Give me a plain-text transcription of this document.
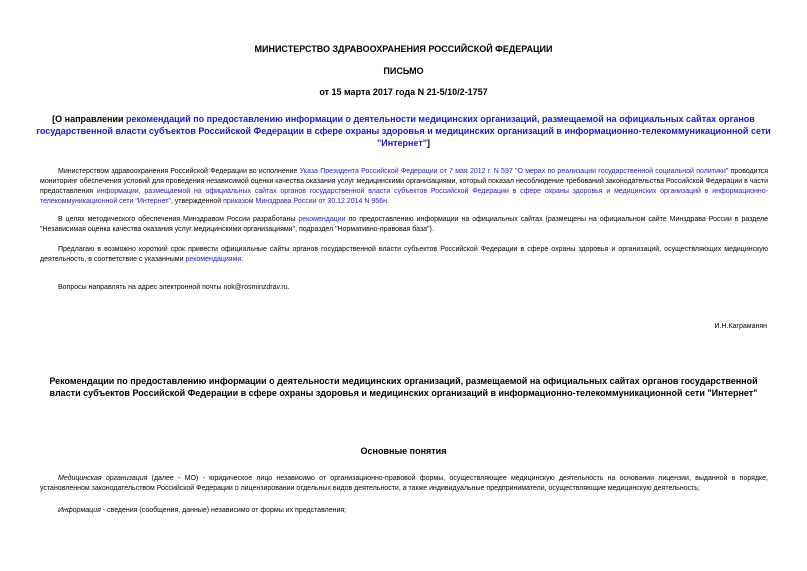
МИНИСТЕРСТВО ЗДРАВООХРАНЕНИЯ РОССИЙСКОЙ ФЕДЕРАЦИИ
ПИСЬМО
от 15 марта 2017 года N 21-5/10/2-1757
[О направлении рекомендаций по предоставлению информации о деятельности медицинских организаций, размещаемой на официальных сайтах органов государственной власти субъектов Российской Федерации в сфере охраны здоровья и медицинских организаций в информационно-телекоммуникационной сети "Интернет"]
Министерством здравоохранения Российской Федерации во исполнение Указа Президента Российской Федерации от 7 мая 2012 г. N 597 "О мерах по реализации государственной социальной политики" проводится мониторинг обеспечения условий для проведения независимой оценки качества оказания услуг медицинскими организациями, который показал несоблюдение требований законодательства Российской Федерации в части предоставления информации, размещаемой на официальных сайтах органов государственной власти субъектов Российской Федерации в сфере охраны здоровья и медицинских организаций в информационно-телекоммуникационной сети "Интернет", утвержденной приказом Минздрава России от 30.12.2014 N 956н.
В целях методического обеспечения Минздравом России разработаны рекомендации по предоставлению информации на официальных сайтах (размещены на официальном сайте Минздрава России в разделе "Независимая оценка качества оказания услуг медицинскими организациями", подраздел "Нормативно-правовая база").
Предлагаю в возможно короткий срок привести официальные сайты органов государственной власти субъектов Российской Федерации в сфере охраны здоровья и организаций, осуществляющих медицинскую деятельность, в соответствие с указанными рекомендациями.
Вопросы направлять на адрес электронной почты nok@rosminzdrav.ru.
И.Н.Каграманян
Рекомендации по предоставлению информации о деятельности медицинских организаций, размещаемой на официальных сайтах органов государственной власти субъектов Российской Федерации в сфере охраны здоровья и медицинских организаций в информационно-телекоммуникационной сети "Интернет"
Основные понятия
Медицинская организация (далее - МО) - юридическое лицо независимо от организационно-правовой формы, осуществляющее медицинскую деятельность на основании лицензии, выданной в порядке, установленном законодательством Российской Федерации о лицензировании отдельных видов деятельности, а также индивидуальные предприниматели, осуществляющие медицинскую деятельность;
Информация - сведения (сообщения, данные) независимо от формы их представления;
